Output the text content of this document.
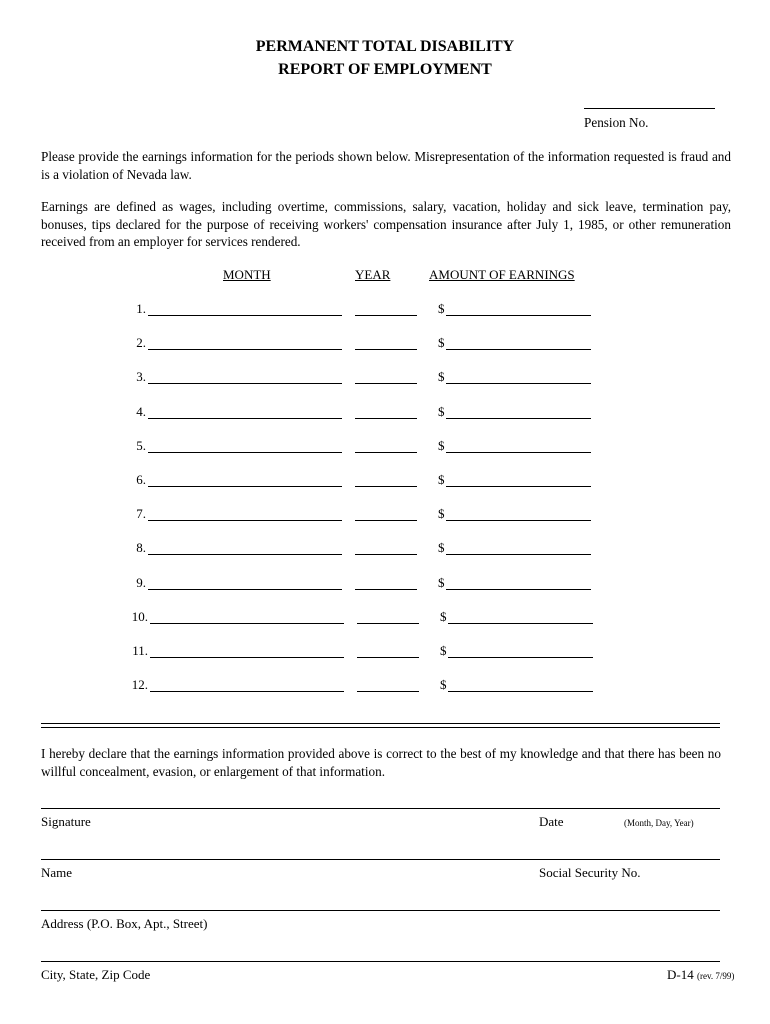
PERMANENT TOTAL DISABILITY
REPORT OF EMPLOYMENT
Pension No.
Please provide the earnings information for the periods shown below. Misrepresentation of the information requested is fraud and is a violation of Nevada law.
Earnings are defined as wages, including overtime, commissions, salary, vacation, holiday and sick leave, termination pay, bonuses, tips declared for the purpose of receiving workers' compensation insurance after July 1, 1985, or other remuneration received from an employer for services rendered.
MONTH	YEAR	AMOUNT OF EARNINGS
1.	$
2.	$
3.	$
4.	$
5.	$
6.	$
7.	$
8.	$
9.	$
10.	$
11.	$
12.	$
I hereby declare that the earnings information provided above is correct to the best of my knowledge and that there has been no willful concealment, evasion, or enlargement of that information.
Signature	Date	(Month, Day, Year)
Name	Social Security No.
Address (P.O. Box, Apt., Street)
City, State, Zip Code	D-14 (rev. 7/99)
